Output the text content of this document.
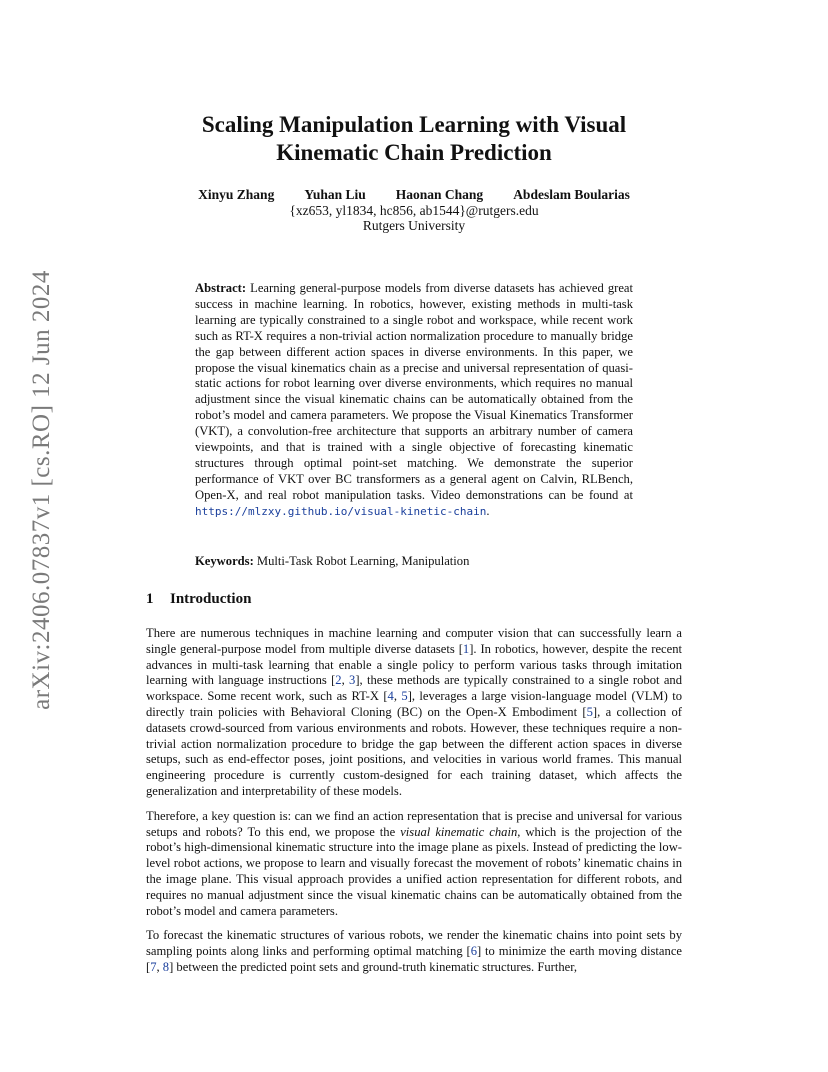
arXiv:2406.07837v1 [cs.RO] 12 Jun 2024
Scaling Manipulation Learning with Visual
Kinematic Chain Prediction
Xinyu Zhang Yuhan Liu Haonan Chang Abdeslam Boularias
{xz653, yl1834, hc856, ab1544}@rutgers.edu
Rutgers University
Abstract: Learning general-purpose models from diverse datasets has achieved great success in machine learning. In robotics, however, existing methods in multi-task learning are typically constrained to a single robot and workspace, while recent work such as RT-X requires a non-trivial action normalization procedure to manually bridge the gap between different action spaces in diverse environments. In this paper, we propose the visual kinematics chain as a precise and universal representation of quasi-static actions for robot learning over diverse environments, which requires no manual adjustment since the visual kinematic chains can be automatically obtained from the robot’s model and camera parameters. We propose the Visual Kinematics Transformer (VKT), a convolution-free architecture that supports an arbitrary number of camera viewpoints, and that is trained with a single objective of forecasting kinematic structures through optimal point-set matching. We demonstrate the superior performance of VKT over BC transformers as a general agent on Calvin, RLBench, Open-X, and real robot manipulation tasks. Video demonstrations can be found at https://mlzxy.github.io/visual-kinetic-chain.
Keywords: Multi-Task Robot Learning, Manipulation
1 Introduction

There are numerous techniques in machine learning and computer vision that can successfully learn a single general-purpose model from multiple diverse datasets [1]. In robotics, however, despite the recent advances in multi-task learning that enable a single policy to perform various tasks through imitation learning with language instructions [2, 3], these methods are typically constrained to a single robot and workspace. Some recent work, such as RT-X [4, 5], leverages a large vision-language model (VLM) to directly train policies with Behavioral Cloning (BC) on the Open-X Embodiment [5], a collection of datasets crowd-sourced from various environments and robots. However, these techniques require a non-trivial action normalization procedure to bridge the gap between the different action spaces in diverse setups, such as end-effector poses, joint positions, and velocities in various world frames. This manual engineering procedure is currently custom-designed for each training dataset, which affects the generalization and interpretability of these models.

Therefore, a key question is: can we find an action representation that is precise and universal for various setups and robots? To this end, we propose the visual kinematic chain, which is the projection of the robot’s high-dimensional kinematic structure into the image plane as pixels. Instead of predicting the low-level robot actions, we propose to learn and visually forecast the movement of robots’ kinematic chains in the image plane. This visual approach provides a unified action representation for different robots, and requires no manual adjustment since the visual kinematic chains can be automatically obtained from the robot’s model and camera parameters.

To forecast the kinematic structures of various robots, we render the kinematic chains into point sets by sampling points along links and performing optimal matching [6] to minimize the earth moving distance [7, 8] between the predicted point sets and ground-truth kinematic structures. Further,
